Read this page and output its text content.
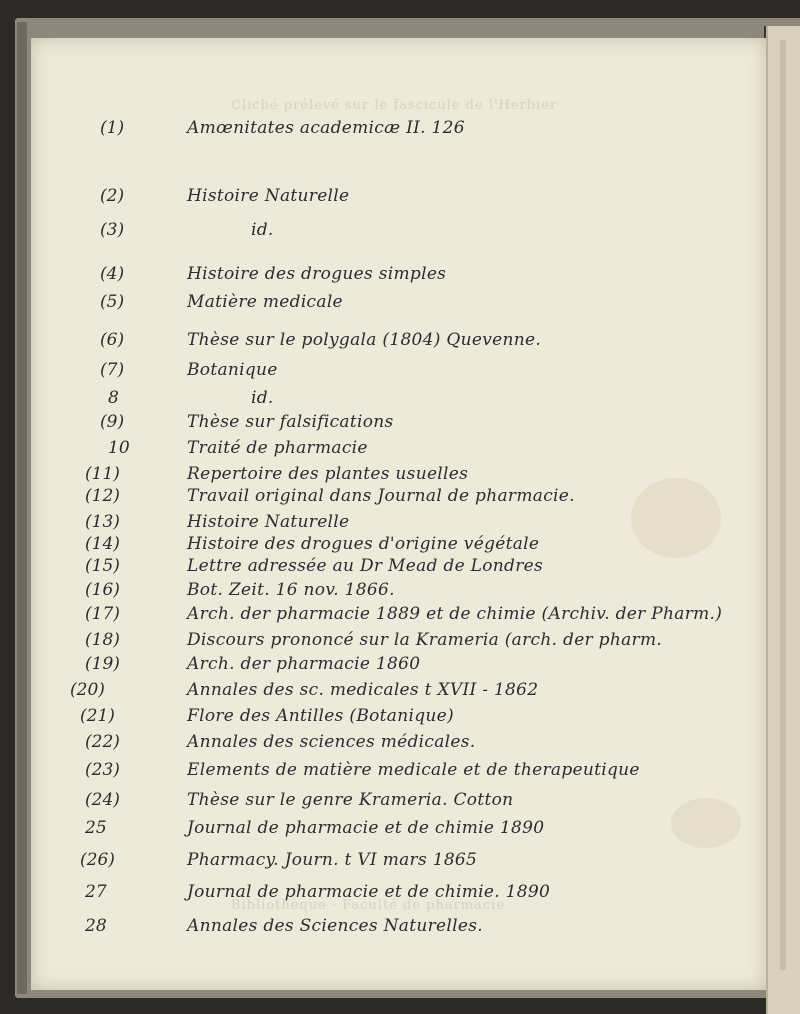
Cliché prélevé sur le fascicule de l'Herbier
Bibliothèque · Faculté de pharmacie
(1)	Amœnitates academicæ II. 126
(2)	Histoire Naturelle
(3)	id.
(4)	Histoire des drogues simples
(5)	Matière medicale
(6)	Thèse sur le polygala (1804) Quevenne.
(7)	Botanique
8	id.
(9)	Thèse sur falsifications
10	Traité de pharmacie
(11)	Repertoire des plantes usuelles
(12)	Travail original dans Journal de pharmacie.
(13)	Histoire Naturelle
(14)	Histoire des drogues d'origine végétale
(15)	Lettre adressée au Dr Mead de Londres
(16)	Bot. Zeit. 16 nov. 1866.
(17)	Arch. der pharmacie 1889 et de chimie (Archiv. der Pharm.)
(18)	Discours prononcé sur la Krameria (arch. der pharm.
(19)	Arch. der pharmacie 1860
(20)	Annales des sc. medicales t XVII - 1862
(21)	Flore des Antilles (Botanique)
(22)	Annales des sciences médicales.
(23)	Elements de matière medicale et de therapeutique
(24)	Thèse sur le genre Krameria. Cotton
25	Journal de pharmacie et de chimie 1890
(26)	Pharmacy. Journ. t VI mars 1865
27	Journal de pharmacie et de chimie. 1890
28	Annales des Sciences Naturelles.
